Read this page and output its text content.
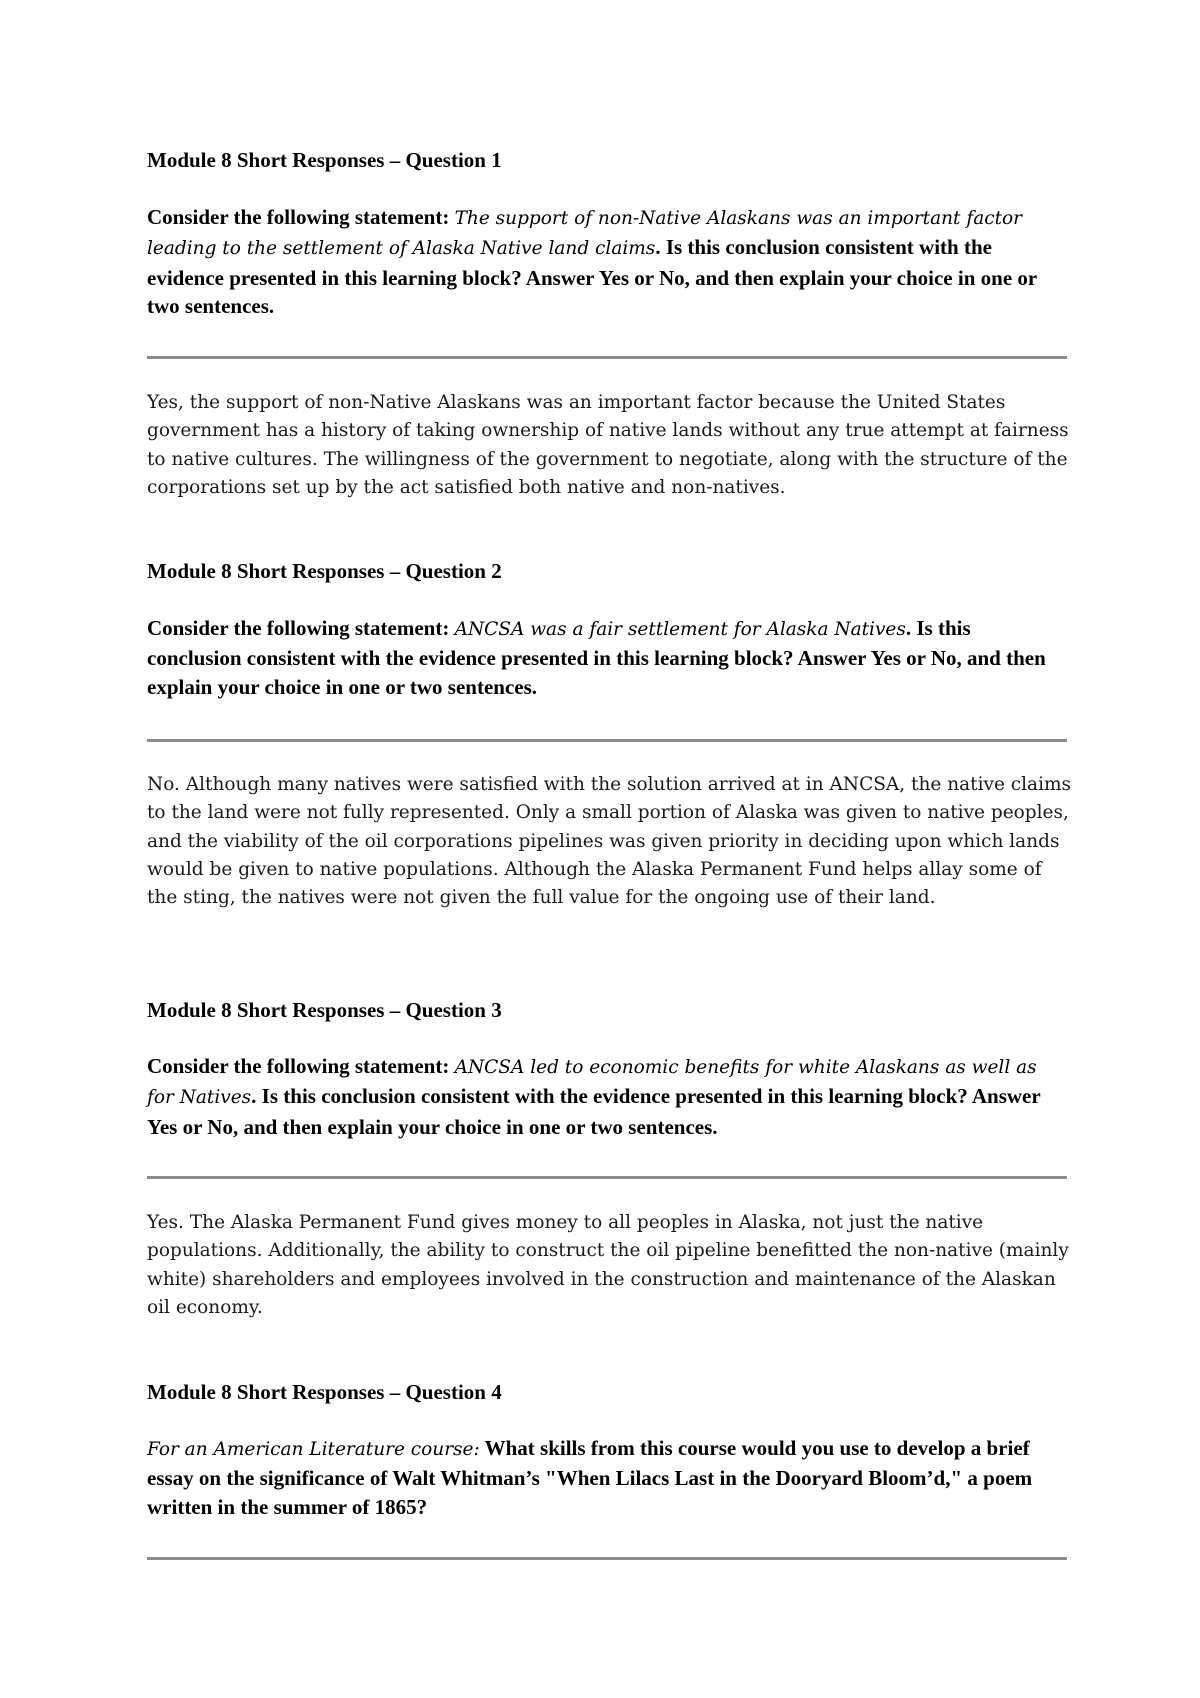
Module 8 Short Responses – Question 1

Consider the following statement: The support of non-Native Alaskans was an important factor leading to the settlement of Alaska Native land claims. Is this conclusion consistent with the evidence presented in this learning block? Answer Yes or No, and then explain your choice in one or two sentences.

Yes, the support of non-Native Alaskans was an important factor because the United States government has a history of taking ownership of native lands without any true attempt at fairness to native cultures. The willingness of the government to negotiate, along with the structure of the corporations set up by the act satisfied both native and non-natives.

Module 8 Short Responses – Question 2

Consider the following statement: ANCSA was a fair settlement for Alaska Natives. Is this conclusion consistent with the evidence presented in this learning block? Answer Yes or No, and then explain your choice in one or two sentences.

No. Although many natives were satisfied with the solution arrived at in ANCSA, the native claims to the land were not fully represented. Only a small portion of Alaska was given to native peoples, and the viability of the oil corporations pipelines was given priority in deciding upon which lands would be given to native populations. Although the Alaska Permanent Fund helps allay some of the sting, the natives were not given the full value for the ongoing use of their land.

Module 8 Short Responses – Question 3

Consider the following statement: ANCSA led to economic benefits for white Alaskans as well as for Natives. Is this conclusion consistent with the evidence presented in this learning block? Answer Yes or No, and then explain your choice in one or two sentences.

Yes. The Alaska Permanent Fund gives money to all peoples in Alaska, not just the native populations. Additionally, the ability to construct the oil pipeline benefitted the non-native (mainly white) shareholders and employees involved in the construction and maintenance of the Alaskan oil economy.

Module 8 Short Responses – Question 4

For an American Literature course: What skills from this course would you use to develop a brief essay on the significance of Walt Whitman’s "When Lilacs Last in the Dooryard Bloom’d," a poem written in the summer of 1865?
